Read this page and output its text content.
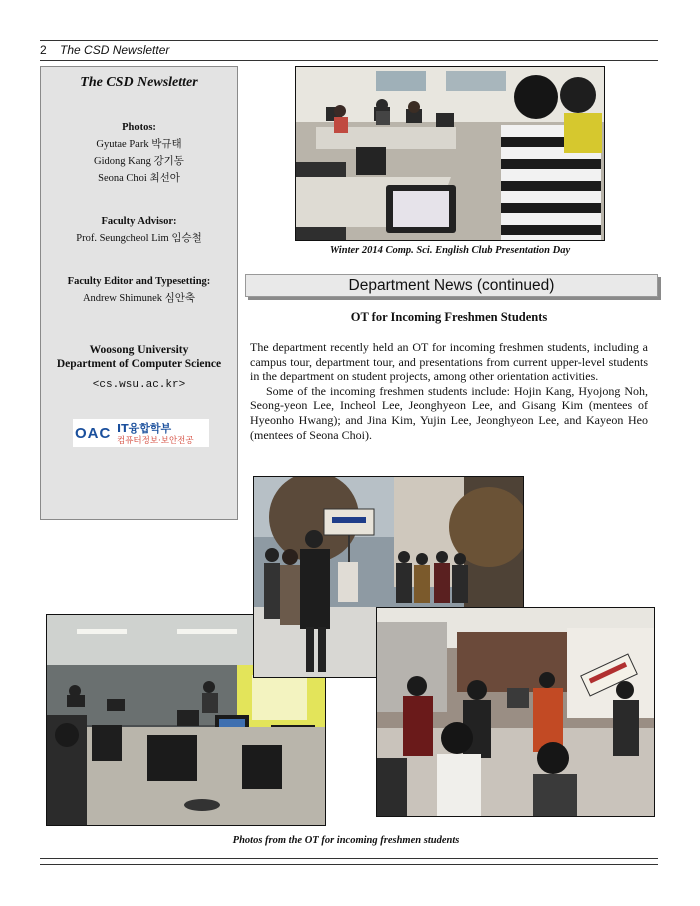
2 The CSD Newsletter
The CSD Newsletter
Photos:
Gyutae Park 박규태
Gidong Kang 강기동
Seona Choi 최선아
Faculty Advisor:
Prof. Seungcheol Lim 임승철
Faculty Editor and Typesetting:
Andrew Shimunek 심안축
Woosong University
Department of Computer Science
<cs.wsu.ac.kr>
OAC IT융합학부
컴퓨터정보·보안전공
Winter 2014 Comp. Sci. English Club Presentation Day
Department News (continued)
OT for Incoming Freshmen Students

The department recently held an OT for incoming freshmen students, including a campus tour, department tour, and presentations from current upper-level students in the department on student projects, among other orientation activities.

Some of the incoming freshmen students include: Hojin Kang, Hyojong Noh, Seong-yeon Lee, Incheol Lee, Jeonghyeon Lee, and Gisang Kim (mentees of Hyeonho Hwang); and Jina Kim, Yujin Lee, Jeonghyeon Lee, and Kayeon Heo (mentees of Seona Choi).

Photos from the OT for incoming freshmen students
